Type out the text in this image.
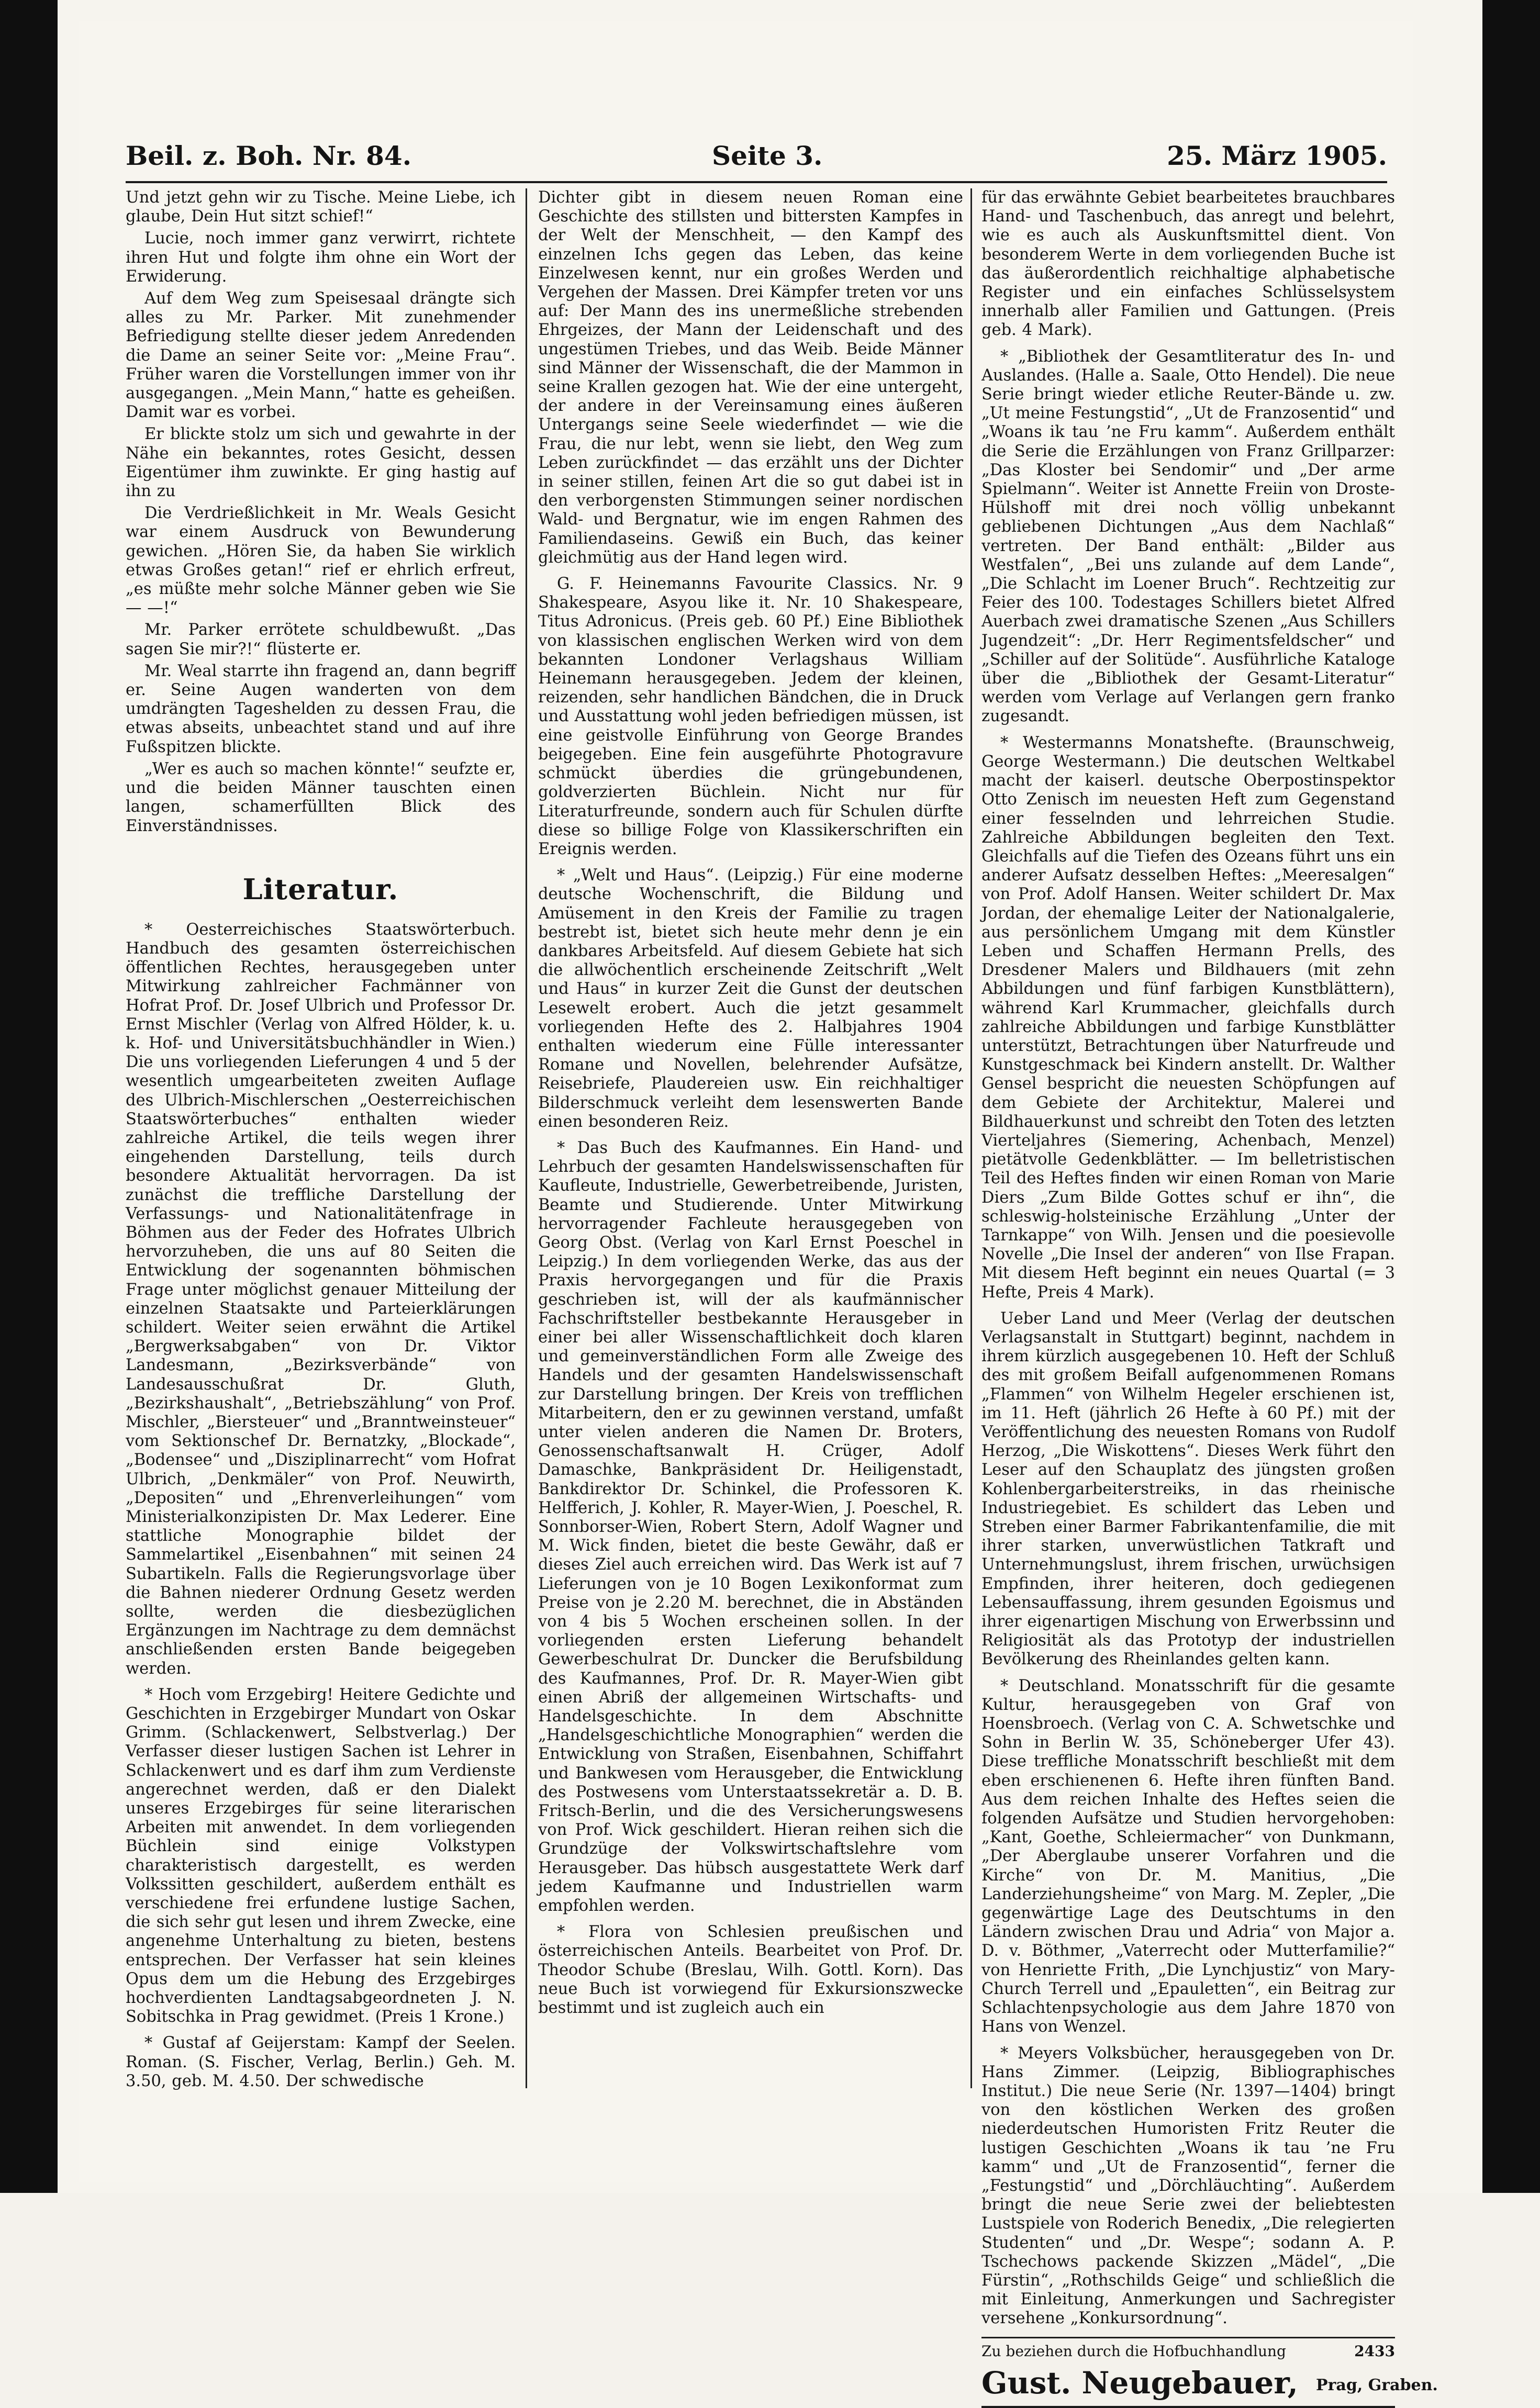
Beil. z. Boh. Nr. 84.	Seite 3.	25. März 1905.

Und jetzt gehn wir zu Tische. Meine Liebe, ich glaube, Dein Hut sitzt schief!“

Lucie, noch immer ganz verwirrt, richtete ihren Hut und folgte ihm ohne ein Wort der Erwiderung.

Auf dem Weg zum Speisesaal drängte sich alles zu Mr. Parker. Mit zunehmender Befriedigung stellte dieser jedem Anredenden die Dame an seiner Seite vor: „Meine Frau“. Früher waren die Vorstellungen immer von ihr ausgegangen. „Mein Mann,“ hatte es geheißen. Damit war es vorbei.

Er blickte stolz um sich und gewahrte in der Nähe ein bekanntes, rotes Gesicht, dessen Eigentümer ihm zuwinkte. Er ging hastig auf ihn zu

Die Verdrießlichkeit in Mr. Weals Gesicht war einem Ausdruck von Bewunderung gewichen. „Hören Sie, da haben Sie wirklich etwas Großes getan!“ rief er ehrlich erfreut, „es müßte mehr solche Männer geben wie Sie — —!“

Mr. Parker errötete schuldbewußt. „Das sagen Sie mir?!“ flüsterte er.

Mr. Weal starrte ihn fragend an, dann begriff er. Seine Augen wanderten von dem umdrängten Tageshelden zu dessen Frau, die etwas abseits, unbeachtet stand und auf ihre Fußspitzen blickte.

„Wer es auch so machen könnte!“ seufzte er, und die beiden Männer tauschten einen langen, schamerfüllten Blick des Einverständnisses.

Literatur.

* Oesterreichisches Staatswörterbuch. Handbuch des gesamten österreichischen öffentlichen Rechtes, herausgegeben unter Mitwirkung zahlreicher Fachmänner von Hofrat Prof. Dr. Josef Ulbrich und Professor Dr. Ernst Mischler (Verlag von Alfred Hölder, k. u. k. Hof- und Universitätsbuchhändler in Wien.) Die uns vorliegenden Lieferungen 4 und 5 der wesentlich umgearbeiteten zweiten Auflage des Ulbrich-Mischlerschen „Oesterreichischen Staatswörterbuches“ enthalten wieder zahlreiche Artikel, die teils wegen ihrer eingehenden Darstellung, teils durch besondere Aktualität hervorragen. Da ist zunächst die treffliche Darstellung der Verfassungs- und Nationalitätenfrage in Böhmen aus der Feder des Hofrates Ulbrich hervorzuheben, die uns auf 80 Seiten die Entwicklung der sogenannten böhmischen Frage unter möglichst genauer Mitteilung der einzelnen Staatsakte und Parteierklärungen schildert. Weiter seien erwähnt die Artikel „Bergwerksabgaben“ von Dr. Viktor Landesmann, „Bezirksverbände“ von Landesausschußrat Dr. Gluth, „Bezirkshaushalt“, „Betriebszählung“ von Prof. Mischler, „Biersteuer“ und „Branntweinsteuer“ vom Sektionschef Dr. Bernatzky, „Blockade“, „Bodensee“ und „Disziplinarrecht“ vom Hofrat Ulbrich, „Denkmäler“ von Prof. Neuwirth, „Depositen“ und „Ehrenverleihungen“ vom Ministerialkonzipisten Dr. Max Lederer. Eine stattliche Monographie bildet der Sammelartikel „Eisenbahnen“ mit seinen 24 Subartikeln. Falls die Regierungsvorlage über die Bahnen niederer Ordnung Gesetz werden sollte, werden die diesbezüglichen Ergänzungen im Nachtrage zu dem demnächst anschließenden ersten Bande beigegeben werden.

* Hoch vom Erzgebirg! Heitere Gedichte und Geschichten in Erzgebirger Mundart von Oskar Grimm. (Schlackenwert, Selbstverlag.) Der Verfasser dieser lustigen Sachen ist Lehrer in Schlackenwert und es darf ihm zum Verdienste angerechnet werden, daß er den Dialekt unseres Erzgebirges für seine literarischen Arbeiten mit anwendet. In dem vorliegenden Büchlein sind einige Volkstypen charakteristisch dargestellt, es werden Volkssitten geschildert, außerdem enthält es verschiedene frei erfundene lustige Sachen, die sich sehr gut lesen und ihrem Zwecke, eine angenehme Unterhaltung zu bieten, bestens entsprechen. Der Verfasser hat sein kleines Opus dem um die Hebung des Erzgebirges hochverdienten Landtagsabgeordneten J. N. Sobitschka in Prag gewidmet. (Preis 1 Krone.)

* Gustaf af Geijerstam: Kampf der Seelen. Roman. (S. Fischer, Verlag, Berlin.) Geh. M. 3.50, geb. M. 4.50. Der schwedische

Dichter gibt in diesem neuen Roman eine Geschichte des stillsten und bittersten Kampfes in der Welt der Menschheit, — den Kampf des einzelnen Ichs gegen das Leben, das keine Einzelwesen kennt, nur ein großes Werden und Vergehen der Massen. Drei Kämpfer treten vor uns auf: Der Mann des ins unermeßliche strebenden Ehrgeizes, der Mann der Leidenschaft und des ungestümen Triebes, und das Weib. Beide Männer sind Männer der Wissenschaft, die der Mammon in seine Krallen gezogen hat. Wie der eine untergeht, der andere in der Vereinsamung eines äußeren Untergangs seine Seele wiederfindet — wie die Frau, die nur lebt, wenn sie liebt, den Weg zum Leben zurückfindet — das erzählt uns der Dichter in seiner stillen, feinen Art die so gut dabei ist in den verborgensten Stimmungen seiner nordischen Wald- und Bergnatur, wie im engen Rahmen des Familiendaseins. Gewiß ein Buch, das keiner gleichmütig aus der Hand legen wird.

G. F. Heinemanns Favourite Classics. Nr. 9 Shakespeare, Asyou like it. Nr. 10 Shakespeare, Titus Adronicus. (Preis geb. 60 Pf.) Eine Bibliothek von klassischen englischen Werken wird von dem bekannten Londoner Verlagshaus William Heinemann herausgegeben. Jedem der kleinen, reizenden, sehr handlichen Bändchen, die in Druck und Ausstattung wohl jeden befriedigen müssen, ist eine geistvolle Einführung von George Brandes beigegeben. Eine fein ausgeführte Photogravure schmückt überdies die grüngebundenen, goldverzierten Büchlein. Nicht nur für Literaturfreunde, sondern auch für Schulen dürfte diese so billige Folge von Klassikerschriften ein Ereignis werden.

* „Welt und Haus“. (Leipzig.) Für eine moderne deutsche Wochenschrift, die Bildung und Amüsement in den Kreis der Familie zu tragen bestrebt ist, bietet sich heute mehr denn je ein dankbares Arbeitsfeld. Auf diesem Gebiete hat sich die allwöchentlich erscheinende Zeitschrift „Welt und Haus“ in kurzer Zeit die Gunst der deutschen Lesewelt erobert. Auch die jetzt gesammelt vorliegenden Hefte des 2. Halbjahres 1904 enthalten wiederum eine Fülle interessanter Romane und Novellen, belehrender Aufsätze, Reisebriefe, Plaudereien usw. Ein reichhaltiger Bilderschmuck verleiht dem lesenswerten Bande einen besonderen Reiz.

* Das Buch des Kaufmannes. Ein Hand- und Lehrbuch der gesamten Handelswissenschaften für Kaufleute, Industrielle, Gewerbetreibende, Juristen, Beamte und Studierende. Unter Mitwirkung hervorragender Fachleute herausgegeben von Georg Obst. (Verlag von Karl Ernst Poeschel in Leipzig.) In dem vorliegenden Werke, das aus der Praxis hervorgegangen und für die Praxis geschrieben ist, will der als kaufmännischer Fachschriftsteller bestbekannte Herausgeber in einer bei aller Wissenschaftlichkeit doch klaren und gemeinverständlichen Form alle Zweige des Handels und der gesamten Handelswissenschaft zur Darstellung bringen. Der Kreis von trefflichen Mitarbeitern, den er zu gewinnen verstand, umfaßt unter vielen anderen die Namen Dr. Broters, Genossenschaftsanwalt H. Crüger, Adolf Damaschke, Bankpräsident Dr. Heiligenstadt, Bankdirektor Dr. Schinkel, die Professoren K. Helfferich, J. Kohler, R. Mayer-Wien, J. Poeschel, R. Sonnborser-Wien, Robert Stern, Adolf Wagner und M. Wick finden, bietet die beste Gewähr, daß er dieses Ziel auch erreichen wird. Das Werk ist auf 7 Lieferungen von je 10 Bogen Lexikonformat zum Preise von je 2.20 M. berechnet, die in Abständen von 4 bis 5 Wochen erscheinen sollen. In der vorliegenden ersten Lieferung behandelt Gewerbeschulrat Dr. Duncker die Berufsbildung des Kaufmannes, Prof. Dr. R. Mayer-Wien gibt einen Abriß der allgemeinen Wirtschafts- und Handelsgeschichte. In dem Abschnitte „Handelsgeschichtliche Monographien“ werden die Entwicklung von Straßen, Eisenbahnen, Schiffahrt und Bankwesen vom Herausgeber, die Entwicklung des Postwesens vom Unterstaatssekretär a. D. B. Fritsch-Berlin, und die des Versicherungswesens von Prof. Wick geschildert. Hieran reihen sich die Grundzüge der Volkswirtschaftslehre vom Herausgeber. Das hübsch ausgestattete Werk darf jedem Kaufmanne und Industriellen warm empfohlen werden.

* Flora von Schlesien preußischen und österreichischen Anteils. Bearbeitet von Prof. Dr. Theodor Schube (Breslau, Wilh. Gottl. Korn). Das neue Buch ist vorwiegend für Exkursionszwecke bestimmt und ist zugleich auch ein

für das erwähnte Gebiet bearbeitetes brauchbares Hand- und Taschenbuch, das anregt und belehrt, wie es auch als Auskunftsmittel dient. Von besonderem Werte in dem vorliegenden Buche ist das äußerordentlich reichhaltige alphabetische Register und ein einfaches Schlüsselsystem innerhalb aller Familien und Gattungen. (Preis geb. 4 Mark).

* „Bibliothek der Gesamtliteratur des In- und Auslandes. (Halle a. Saale, Otto Hendel). Die neue Serie bringt wieder etliche Reuter-Bände u. zw. „Ut meine Festungstid“, „Ut de Franzosentid“ und „Woans ik tau ’ne Fru kamm“. Außerdem enthält die Serie die Erzählungen von Franz Grillparzer: „Das Kloster bei Sendomir“ und „Der arme Spielmann“. Weiter ist Annette Freiin von Droste-Hülshoff mit drei noch völlig unbekannt gebliebenen Dichtungen „Aus dem Nachlaß“ vertreten. Der Band enthält: „Bilder aus Westfalen“, „Bei uns zulande auf dem Lande“, „Die Schlacht im Loener Bruch“. Rechtzeitig zur Feier des 100. Todestages Schillers bietet Alfred Auerbach zwei dramatische Szenen „Aus Schillers Jugendzeit“: „Dr. Herr Regimentsfeldscher“ und „Schiller auf der Solitüde“. Ausführliche Kataloge über die „Bibliothek der Gesamt-Literatur“ werden vom Verlage auf Verlangen gern franko zugesandt.

* Westermanns Monatshefte. (Braunschweig, George Westermann.) Die deutschen Weltkabel macht der kaiserl. deutsche Oberpostinspektor Otto Zenisch im neuesten Heft zum Gegenstand einer fesselnden und lehrreichen Studie. Zahlreiche Abbildungen begleiten den Text. Gleichfalls auf die Tiefen des Ozeans führt uns ein anderer Aufsatz desselben Heftes: „Meeresalgen“ von Prof. Adolf Hansen. Weiter schildert Dr. Max Jordan, der ehemalige Leiter der Nationalgalerie, aus persönlichem Umgang mit dem Künstler Leben und Schaffen Hermann Prells, des Dresdener Malers und Bildhauers (mit zehn Abbildungen und fünf farbigen Kunstblättern), während Karl Krummacher, gleichfalls durch zahlreiche Abbildungen und farbige Kunstblätter unterstützt, Betrachtungen über Naturfreude und Kunstgeschmack bei Kindern anstellt. Dr. Walther Gensel bespricht die neuesten Schöpfungen auf dem Gebiete der Architektur, Malerei und Bildhauerkunst und schreibt den Toten des letzten Vierteljahres (Siemering, Achenbach, Menzel) pietätvolle Gedenkblätter. — Im belletristischen Teil des Heftes finden wir einen Roman von Marie Diers „Zum Bilde Gottes schuf er ihn“, die schleswig-holsteinische Erzählung „Unter der Tarnkappe“ von Wilh. Jensen und die poesievolle Novelle „Die Insel der anderen“ von Ilse Frapan. Mit diesem Heft beginnt ein neues Quartal (= 3 Hefte, Preis 4 Mark).

Ueber Land und Meer (Verlag der deutschen Verlagsanstalt in Stuttgart) beginnt, nachdem in ihrem kürzlich ausgegebenen 10. Heft der Schluß des mit großem Beifall aufgenommenen Romans „Flammen“ von Wilhelm Hegeler erschienen ist, im 11. Heft (jährlich 26 Hefte à 60 Pf.) mit der Veröffentlichung des neuesten Romans von Rudolf Herzog, „Die Wiskottens“. Dieses Werk führt den Leser auf den Schauplatz des jüngsten großen Kohlenbergarbeiterstreiks, in das rheinische Industriegebiet. Es schildert das Leben und Streben einer Barmer Fabrikantenfamilie, die mit ihrer starken, unverwüstlichen Tatkraft und Unternehmungslust, ihrem frischen, urwüchsigen Empfinden, ihrer heiteren, doch gediegenen Lebensauffassung, ihrem gesunden Egoismus und ihrer eigenartigen Mischung von Erwerbssinn und Religiosität als das Prototyp der industriellen Bevölkerung des Rheinlandes gelten kann.

* Deutschland. Monatsschrift für die gesamte Kultur, herausgegeben von Graf von Hoensbroech. (Verlag von C. A. Schwetschke und Sohn in Berlin W. 35, Schöneberger Ufer 43). Diese treffliche Monatsschrift beschließt mit dem eben erschienenen 6. Hefte ihren fünften Band. Aus dem reichen Inhalte des Heftes seien die folgenden Aufsätze und Studien hervorgehoben: „Kant, Goethe, Schleiermacher“ von Dunkmann, „Der Aberglaube unserer Vorfahren und die Kirche“ von Dr. M. Manitius, „Die Landerziehungsheime“ von Marg. M. Zepler, „Die gegenwärtige Lage des Deutschtums in den Ländern zwischen Drau und Adria“ von Major a. D. v. Böthmer, „Vaterrecht oder Mutterfamilie?“ von Henriette Frith, „Die Lynchjustiz“ von Mary-Church Terrell und „Epauletten“, ein Beitrag zur Schlachtenpsychologie aus dem Jahre 1870 von Hans von Wenzel.

* Meyers Volksbücher, herausgegeben von Dr. Hans Zimmer. (Leipzig, Bibliographisches Institut.) Die neue Serie (Nr. 1397—1404) bringt von den köstlichen Werken des großen niederdeutschen Humoristen Fritz Reuter die lustigen Geschichten „Woans ik tau ’ne Fru kamm“ und „Ut de Franzosentid“, ferner die „Festungstid“ und „Dörchläuchting“. Außerdem bringt die neue Serie zwei der beliebtesten Lustspiele von Roderich Benedix, „Die relegierten Studenten“ und „Dr. Wespe“; sodann A. P. Tschechows packende Skizzen „Mädel“, „Die Fürstin“, „Rothschilds Geige“ und schließlich die mit Einleitung, Anmerkungen und Sachregister versehene „Konkursordnung“.

Zu beziehen durch die Hofbuchhandlung	2433
Gust. Neugebauer, Prag, Graben.
